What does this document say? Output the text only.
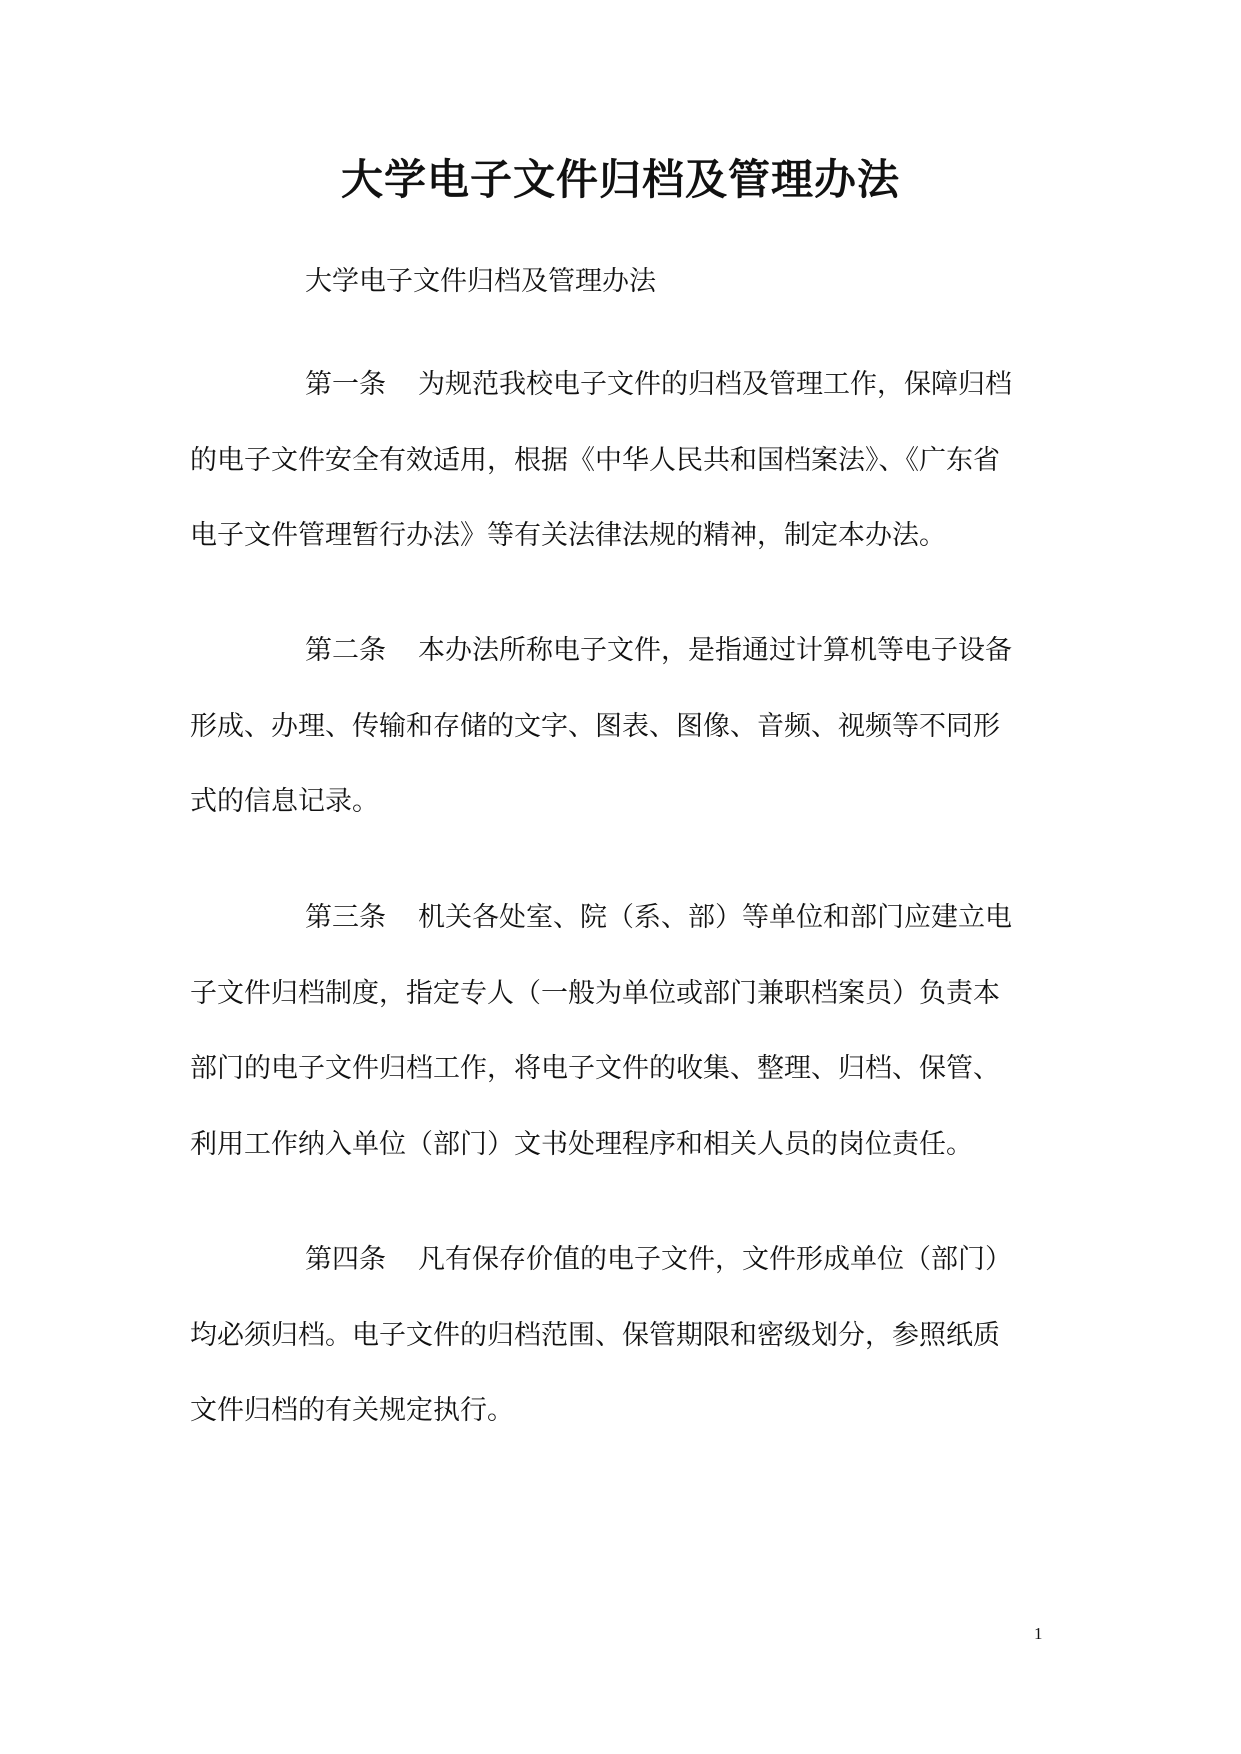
大学电子文件归档及管理办法

大学电子文件归档及管理办法

第一条 为规范我校电子文件的归档及管理工作，保障归档
的电子文件安全有效适用，根据《中华人民共和国档案法》、《广东省
电子文件管理暂行办法》等有关法律法规的精神，制定本办法。
第二条 本办法所称电子文件，是指通过计算机等电子设备
形成、办理、传输和存储的文字、图表、图像、音频、视频等不同形
式的信息记录。
第三条 机关各处室、院（系、部）等单位和部门应建立电
子文件归档制度，指定专人（一般为单位或部门兼职档案员）负责本
部门的电子文件归档工作，将电子文件的收集、整理、归档、保管、
利用工作纳入单位（部门）文书处理程序和相关人员的岗位责任。
第四条 凡有保存价值的电子文件，文件形成单位（部门）
均必须归档。电子文件的归档范围、保管期限和密级划分，参照纸质
文件归档的有关规定执行。

1
